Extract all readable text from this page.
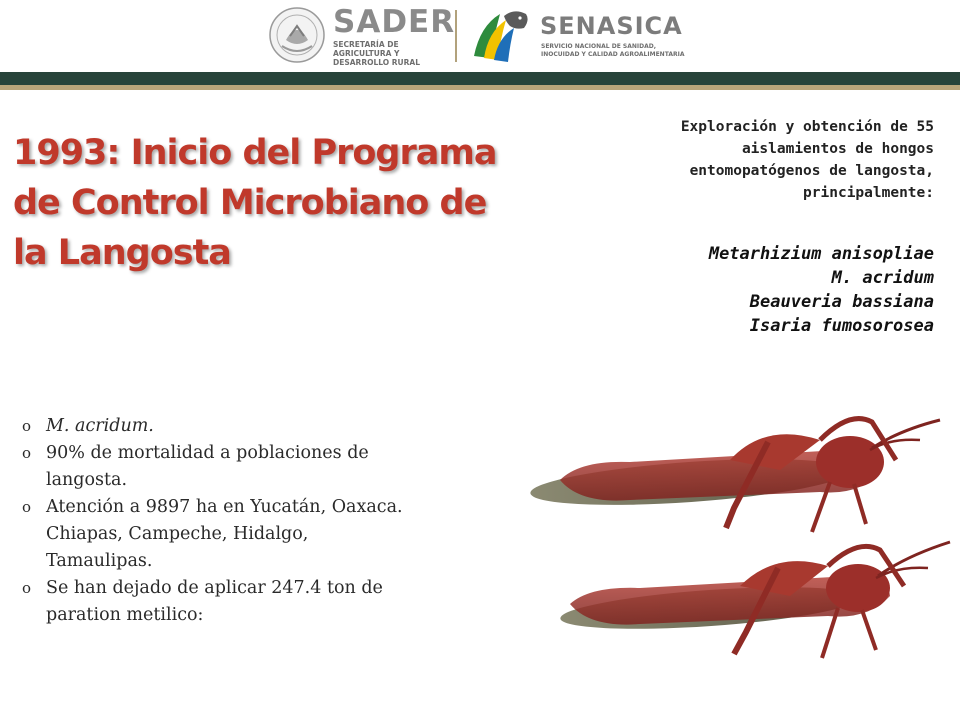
SADER
SECRETARÍA DE
AGRICULTURA Y
DESARROLLO RURAL
SENASICA
SERVICIO NACIONAL DE SANIDAD,
INOCUIDAD Y CALIDAD AGROALIMENTARIA
1993: Inicio del Programa
de Control Microbiano de
la Langosta
Exploración y obtención de 55
aislamientos de hongos
entomopatógenos de langosta,
principalmente:
Metarhizium anisopliae
M. acridum
Beauveria bassiana
Isaria fumosorosea
o M. acridum.
o 90% de mortalidad a poblaciones de
langosta.
o Atención a 9897 ha en Yucatán, Oaxaca.
Chiapas, Campeche, Hidalgo,
Tamaulipas.
o Se han dejado de aplicar 247.4 ton de
paration metilico:
